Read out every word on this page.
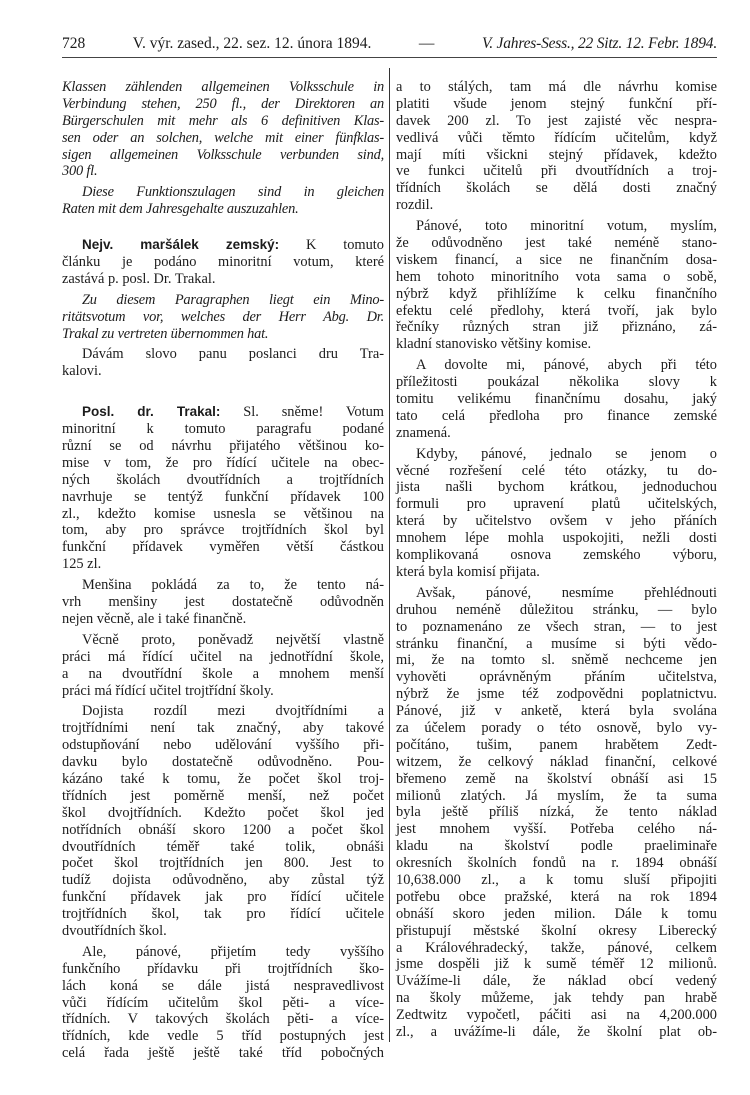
728	V. výr. zased., 22. sez. 12. února 1894.	—	V. Jahres-Sess., 22 Sitz. 12. Febr. 1894.
Klassen zählenden allgemeinen Volksschule in
Verbindung stehen, 250 fl., der Direktoren an
Bürgerschulen mit mehr als 6 definitiven Klas-
sen oder an solchen, welche mit einer fünfklas-
sigen allgemeinen Volksschule verbunden sind,
300 fl.
Diese Funktionszulagen sind in gleichen
Raten mit dem Jahresgehalte auszuzahlen.
Nejv. maršálek zemský: K tomuto
článku je podáno minoritní votum, které
zastává p. posl. Dr. Trakal.
Zu diesem Paragraphen liegt ein Mino-
ritätsvotum vor, welches der Herr Abg. Dr.
Trakal zu vertreten übernommen hat.
Dávám slovo panu poslanci dru Tra-
kalovi.
Posl. dr. Trakal: Sl. sněme! Votum
minoritní k tomuto paragrafu podané
různí se od návrhu přijatého většinou ko-
mise v tom, že pro řídící učitele na obec-
ných školách dvoutřídních a trojtřídních
navrhuje se tentýž funkční přídavek 100
zl., kdežto komise usnesla se většinou na
tom, aby pro správce trojtřídních škol byl
funkční přídavek vyměřen větší částkou
125 zl.
Menšina pokládá za to, že tento ná-
vrh menšiny jest dostatečně odůvodněn
nejen věcně, ale i také finančně.
Věcně proto, poněvadž největší vlastně
práci má řídící učitel na jednotřídní škole,
a na dvoutřídní škole a mnohem menší
práci má řídící učitel trojtřídní školy.
Dojista rozdíl mezi dvojtřídními a
trojtřídními není tak značný, aby takové
odstupňování nebo udělování vyššího při-
davku bylo dostatečně odůvodněno. Pou-
kázáno také k tomu, že počet škol troj-
třídních jest poměrně menší, než počet
škol dvojtřídních. Kdežto počet škol jed
notřídních obnáší skoro 1200 a počet škol
dvoutřídních téměř také tolik, obnáši
počet škol trojtřídních jen 800. Jest to
tudíž dojista odůvodněno, aby zůstal týž
funkční přídavek jak pro řídící učitele
trojtřídních škol, tak pro řídící učitele
dvoutřídních škol.
Ale, pánové, přijetím tedy vyššího
funkčního přídavku při trojtřídních ško-
lách koná se dále jistá nespravedlivost
vůči řídícím učitelům škol pěti- a více-
třídních. V takových školách pěti- a více-
třídních, kde vedle 5 tříd postupných jest
celá řada ještě ještě také tříd pobočných
a to stálých, tam má dle návrhu komise
platiti všude jenom stejný funkční pří-
davek 200 zl. To jest zajisté věc nespra-
vedlivá vůči těmto řídícím učitelům, když
mají míti všickni stejný přídavek, kdežto
ve funkci učitelů při dvoutřídních a troj-
třídních školách se dělá dosti značný
rozdil.
Pánové, toto minoritní votum, myslím,
že odůvodněno jest také neméně stano-
viskem financí, a sice ne finančním dosa-
hem tohoto minoritního vota sama o sobě,
nýbrž když přihlížíme k celku finančního
efektu celé předlohy, která tvoří, jak bylo
řečníky různých stran již přiznáno, zá-
kladní stanovisko většiny komise.
A dovolte mi, pánové, abych při této
příležitosti poukázal několika slovy k
tomitu velikému finančnímu dosahu, jaký
tato celá předloha pro finance zemské
znamená.
Kdyby, pánové, jednalo se jenom o
věcné rozřešení celé této otázky, tu do-
jista našli bychom krátkou, jednoduchou
formuli pro upravení platů učitelských,
která by učitelstvo ovšem v jeho přáních
mnohem lépe mohla uspokojiti, nežli dosti
komplikovaná osnova zemského výboru,
která byla komisí přijata.
Avšak, pánové, nesmíme přehlédnouti
druhou neméně důležitou stránku, — bylo
to poznamenáno ze všech stran, — to jest
stránku finanční, a musíme si býti vědo-
mi, že na tomto sl. sněmě nechceme jen
vyhověti oprávněným přáním učitelstva,
nýbrž že jsme též zodpovědni poplatnictvu.
Pánové, již v anketě, která byla svolána
za účelem porady o této osnově, bylo vy-
počítáno, tušim, panem hrabětem Zedt-
witzem, že celkový náklad finanční, celkové
břemeno země na školství obnáší asi 15
milionů zlatých. Já myslím, že ta suma
byla ještě příliš nízká, že tento náklad
jest mnohem vyšší. Potřeba celého ná-
kladu na školství podle praeliminaře
okresních školních fondů na r. 1894 obnáší
10,638.000 zl., a k tomu sluší připojiti
potřebu obce pražské, která na rok 1894
obnáší skoro jeden milion. Dále k tomu
přistupují městské školní okresy Liberecký
a Královéhradecký, takže, pánové, celkem
jsme dospěli již k sumě téměř 12 milionů.
Uvážíme-li dále, že náklad obcí vedený
na školy můžeme, jak tehdy pan hrabě
Zedtwitz vypočetl, páčiti asi na 4,200.000
zl., a uvážíme-li dále, že školní plat ob-
